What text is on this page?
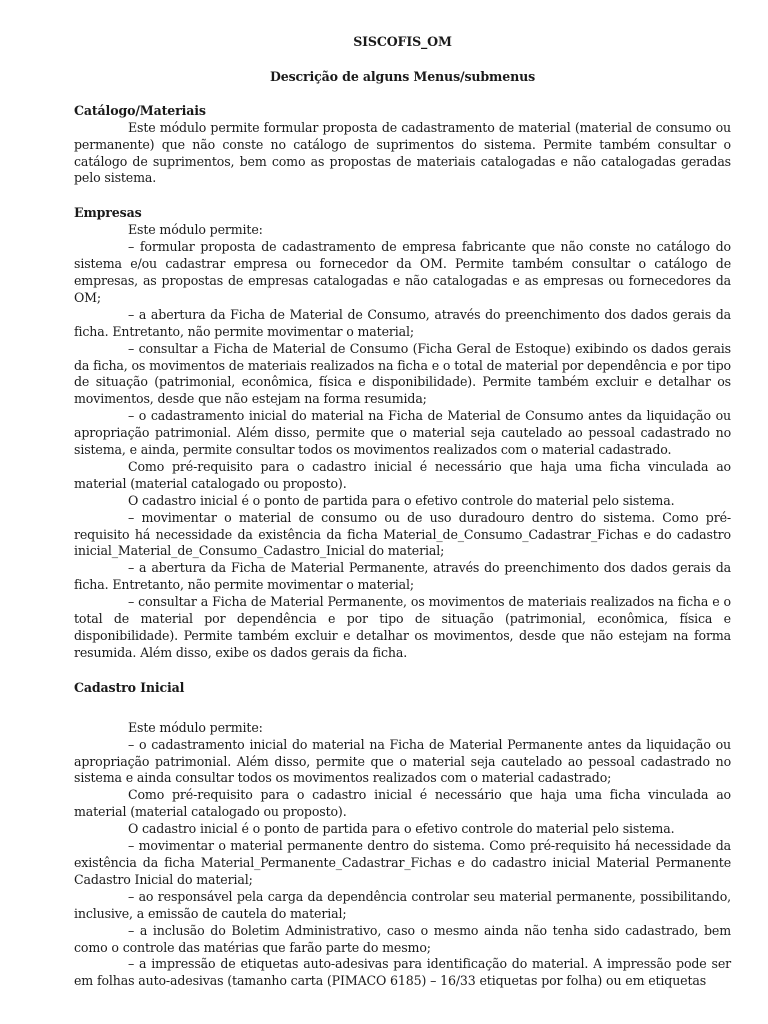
SISCOFIS_OM

Descrição de alguns Menus/submenus

Catálogo/Materiais

Este módulo permite formular proposta de cadastramento de material (material de consumo ou permanente) que não conste no catálogo de suprimentos do sistema. Permite também consultar o catálogo de suprimentos, bem como as propostas de materiais catalogadas e não catalogadas geradas pelo sistema.

Empresas

Este módulo permite:

– formular proposta de cadastramento de empresa fabricante que não conste no catálogo do sistema e/ou cadastrar empresa ou fornecedor da OM. Permite também consultar o catálogo de empresas, as propostas de empresas catalogadas e não catalogadas e as empresas ou fornecedores da OM;

– a abertura da Ficha de Material de Consumo, através do preenchimento dos dados gerais da ficha. Entretanto, não permite movimentar o material;

– consultar a Ficha de Material de Consumo (Ficha Geral de Estoque) exibindo os dados gerais da ficha, os movimentos de materiais realizados na ficha e o total de material por dependência e por tipo de situação (patrimonial, econômica, física e disponibilidade). Permite também excluir e detalhar os movimentos, desde que não estejam na forma resumida;

– o cadastramento inicial do material na Ficha de Material de Consumo antes da liquidação ou apropriação patrimonial. Além disso, permite que o material seja cautelado ao pessoal cadastrado no sistema, e ainda, permite consultar todos os movimentos realizados com o material cadastrado.

Como pré-requisito para o cadastro inicial é necessário que haja uma ficha vinculada ao material (material catalogado ou proposto).

O cadastro inicial é o ponto de partida para o efetivo controle do material pelo sistema.

– movimentar o material de consumo ou de uso duradouro dentro do sistema. Como pré-requisito há necessidade da existência da ficha Material_de_Consumo_Cadastrar_Fichas e do cadastro inicial_Material_de_Consumo_Cadastro_Inicial do material;

– a abertura da Ficha de Material Permanente, através do preenchimento dos dados gerais da ficha. Entretanto, não permite movimentar o material;

– consultar a Ficha de Material Permanente, os movimentos de materiais realizados na ficha e o total de material por dependência e por tipo de situação (patrimonial, econômica, física e disponibilidade). Permite também excluir e detalhar os movimentos, desde que não estejam na forma resumida. Além disso, exibe os dados gerais da ficha.

Cadastro Inicial

Este módulo permite:

– o cadastramento inicial do material na Ficha de Material Permanente antes da liquidação ou apropriação patrimonial. Além disso, permite que o material seja cautelado ao pessoal cadastrado no sistema e ainda consultar todos os movimentos realizados com o material cadastrado;

Como pré-requisito para o cadastro inicial é necessário que haja uma ficha vinculada ao material (material catalogado ou proposto).

O cadastro inicial é o ponto de partida para o efetivo controle do material pelo sistema.

– movimentar o material permanente dentro do sistema. Como pré-requisito há necessidade da existência da ficha Material_Permanente_Cadastrar_Fichas e do cadastro inicial Material Permanente Cadastro Inicial do material;

– ao responsável pela carga da dependência controlar seu material permanente, possibilitando, inclusive, a emissão de cautela do material;

– a inclusão do Boletim Administrativo, caso o mesmo ainda não tenha sido cadastrado, bem como o controle das matérias que farão parte do mesmo;

– a impressão de etiquetas auto-adesivas para identificação do material. A impressão pode ser em folhas auto-adesivas (tamanho carta (PIMACO 6185) – 16/33 etiquetas por folha) ou em etiquetas
